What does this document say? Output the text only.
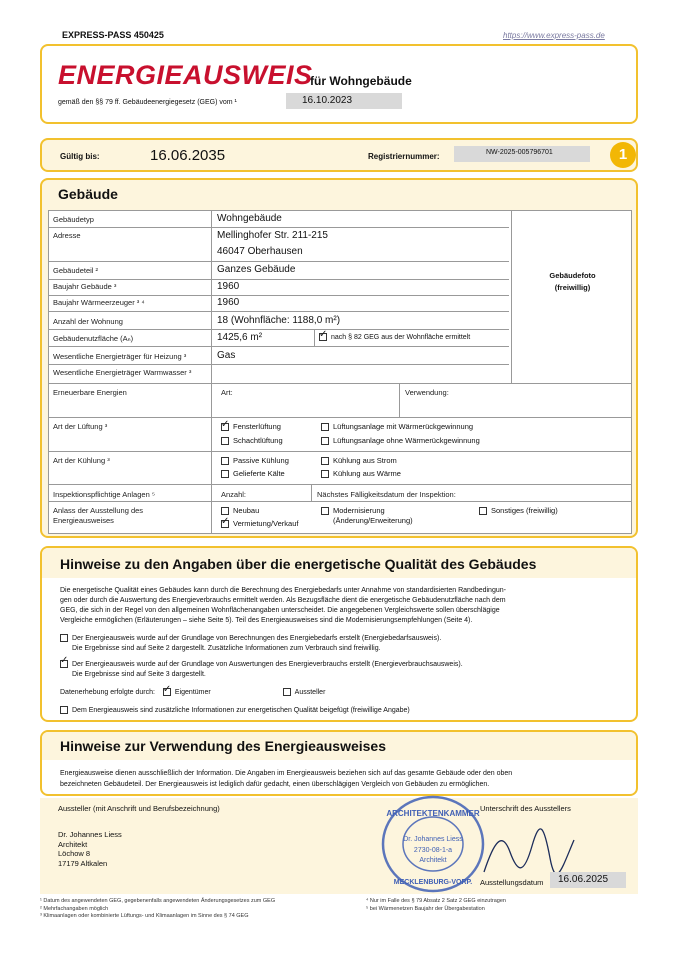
EXPRESS-PASS 450425	https://www.express-pass.de
ENERGIEAUSWEIS
für Wohngebäude
gemäß den §§ 79 ff. Gebäudeenergiegesetz (GEG) vom ¹	16.10.2023
Gültig bis:	16.06.2035	Registriernummer:	NW-2025-005796701	1
Gebäude
Gebäudefoto
(freiwillig)
Gebäudetyp	Wohngebäude
Adresse	Mellinghofer Str. 211-215
46047 Oberhausen
Gebäudeteil ²	Ganzes Gebäude
Baujahr Gebäude ³	1960
Baujahr Wärmeerzeuger ³ ⁴	1960
Anzahl der Wohnung	18 (Wohnfläche: 1188,0 m²)
Gebäudenutzfläche (Aₙ)	1425,6 m² ✓	nach § 82 GEG aus der Wohnfläche ermittelt
Wesentliche Energieträger für Heizung ³	Gas
Wesentliche Energieträger Warmwasser ³
Erneuerbare Energien	Art:	Verwendung:
Art der Lüftung ³ ✓	Fensterlüftung
Schachtlüftung
Lüftungsanlage mit Wärmerückgewinnung
Lüftungsanlage ohne Wärmerückgewinnung
Art der Kühlung ³	Passive Kühlung
Gelieferte Kälte
Kühlung aus Strom
Kühlung aus Wärme
Inspektionspflichtige Anlagen ⁵	Anzahl:	Nächstes Fälligkeitsdatum der Inspektion:
Anlass der Ausstellung des
Energieausweises
Neubau
✓Vermietung/Verkauf
Modernisierung
(Änderung/Erweiterung)
Sonstiges (freiwillig)
Hinweise zu den Angaben über die energetische Qualität des Gebäudes
Die energetische Qualität eines Gebäudes kann durch die Berechnung des Energiebedarfs unter Annahme von standardisierten Randbedingun-
gen oder durch die Auswertung des Energieverbrauchs ermittelt werden. Als Bezugsfläche dient die energetische Gebäudenutzfläche nach dem
GEG, die sich in der Regel von den allgemeinen Wohnflächenangaben unterscheidet. Die angegebenen Vergleichswerte sollen überschlägige
Vergleiche ermöglichen (Erläuterungen – siehe Seite 5). Teil des Energieausweises sind die Modernisierungsempfehlungen (Seite 4).
Der Energieausweis wurde auf der Grundlage von Berechnungen des Energiebedarfs erstellt (Energiebedarfsausweis).
Die Ergebnisse sind auf Seite 2 dargestellt. Zusätzliche Informationen zum Verbrauch sind freiwillig.
✓Der Energieausweis wurde auf der Grundlage von Auswertungen des Energieverbrauchs erstellt (Energieverbrauchsausweis).
Die Ergebnisse sind auf Seite 3 dargestellt.
Datenerhebung erfolgte durch: ✓	Eigentümer	Aussteller
Dem Energieausweis sind zusätzliche Informationen zur energetischen Qualität beigefügt (freiwillige Angabe)
Hinweise zur Verwendung des Energieausweises
Energieausweise dienen ausschließlich der Information. Die Angaben im Energieausweis beziehen sich auf das gesamte Gebäude oder den oben
bezeichneten Gebäudeteil. Der Energieausweis ist lediglich dafür gedacht, einen überschlägigen Vergleich von Gebäuden zu ermöglichen.
Aussteller (mit Anschrift und Berufsbezeichnung)	Unterschrift des Ausstellers
Dr. Johannes Liess
Architekt
Löchow 8
17179 Altkalen
ARCHITEKTENKAMMER
Dr. Johannes Liess
2730-08-1-a
Architekt
MECKLENBURG-VORP. Ausstellungsdatum 16.06.2025
¹ Datum des angewendeten GEG, gegebenenfalls angewendeten Änderungsgesetzes zum GEG
² Mehrfachangaben möglich
³ Klimaanlagen oder kombinierte Lüftungs- und Klimaanlagen im Sinne des § 74 GEG
⁴ Nur im Falle des § 79 Absatz 2 Satz 2 GEG einzutragen
⁵ bei Wärmenetzen Baujahr der Übergabestation
